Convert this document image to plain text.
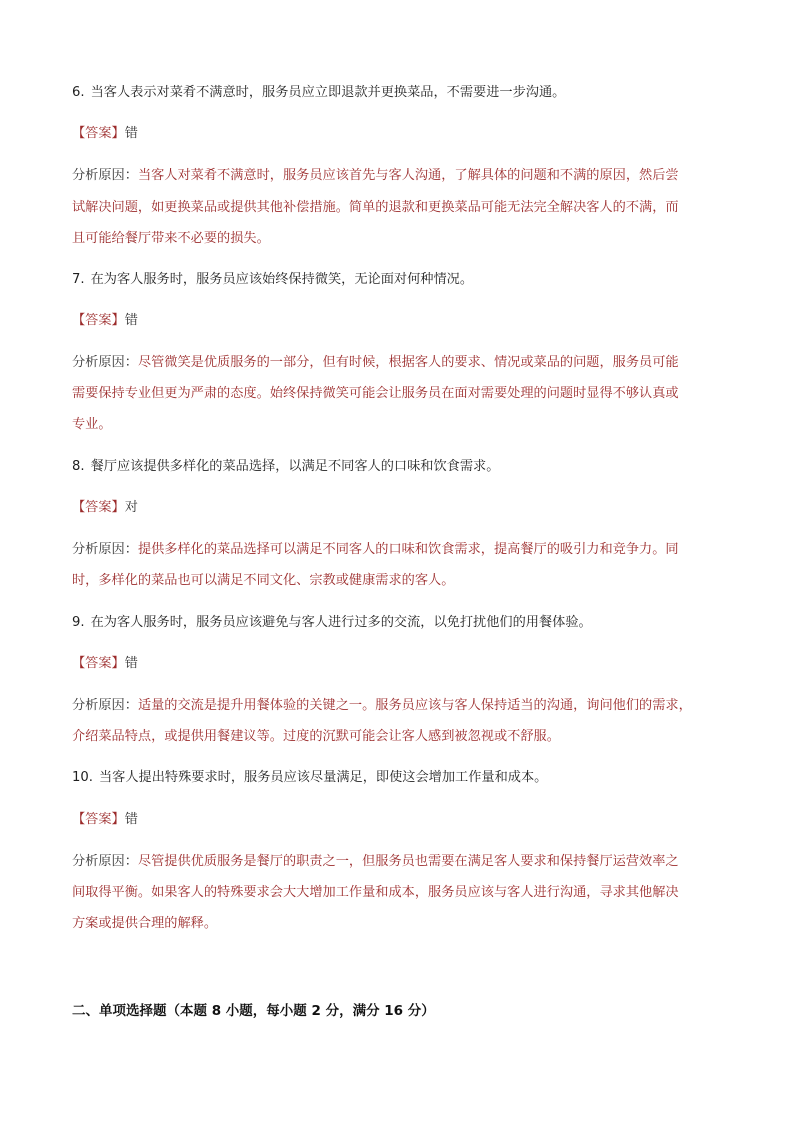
6. 当客人表示对菜肴不满意时，服务员应立即退款并更换菜品，不需要进一步沟通。
【答案】错
分析原因：当客人对菜肴不满意时，服务员应该首先与客人沟通，了解具体的问题和不满的原因，然后尝
试解决问题，如更换菜品或提供其他补偿措施。简单的退款和更换菜品可能无法完全解决客人的不满，而
且可能给餐厅带来不必要的损失。
7. 在为客人服务时，服务员应该始终保持微笑，无论面对何种情况。
【答案】错
分析原因：尽管微笑是优质服务的一部分，但有时候，根据客人的要求、情况或菜品的问题，服务员可能
需要保持专业但更为严肃的态度。始终保持微笑可能会让服务员在面对需要处理的问题时显得不够认真或
专业。
8. 餐厅应该提供多样化的菜品选择，以满足不同客人的口味和饮食需求。
【答案】对
分析原因：提供多样化的菜品选择可以满足不同客人的口味和饮食需求，提高餐厅的吸引力和竞争力。同
时，多样化的菜品也可以满足不同文化、宗教或健康需求的客人。
9. 在为客人服务时，服务员应该避免与客人进行过多的交流，以免打扰他们的用餐体验。
【答案】错
分析原因：适量的交流是提升用餐体验的关键之一。服务员应该与客人保持适当的沟通，询问他们的需求，
介绍菜品特点，或提供用餐建议等。过度的沉默可能会让客人感到被忽视或不舒服。
10. 当客人提出特殊要求时，服务员应该尽量满足，即使这会增加工作量和成本。
【答案】错
分析原因：尽管提供优质服务是餐厅的职责之一，但服务员也需要在满足客人要求和保持餐厅运营效率之
间取得平衡。如果客人的特殊要求会大大增加工作量和成本，服务员应该与客人进行沟通，寻求其他解决
方案或提供合理的解释。
二、单项选择题（本题 8 小题，每小题 2 分，满分 16 分）
